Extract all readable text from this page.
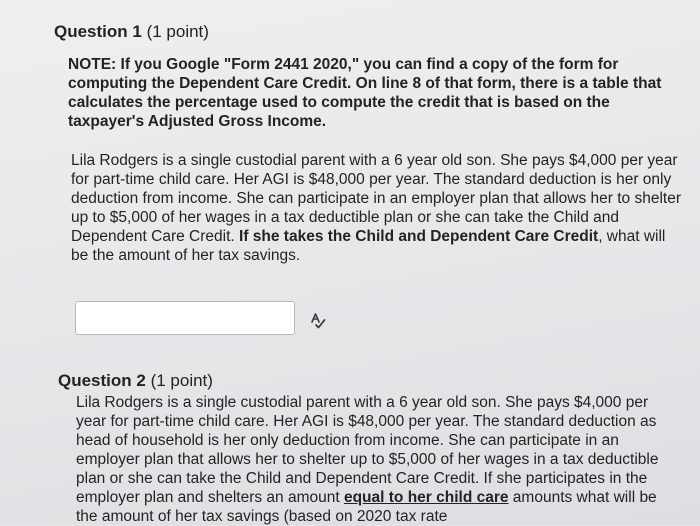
Question 1 (1 point)
NOTE: If you Google "Form 2441 2020," you can find a copy of the form for computing the Dependent Care Credit. On line 8 of that form, there is a table that calculates the percentage used to compute the credit that is based on the taxpayer's Adjusted Gross Income.
Lila Rodgers is a single custodial parent with a 6 year old son. She pays $4,000 per year for part-time child care. Her AGI is $48,000 per year. The standard deduction is her only deduction from income. She can participate in an employer plan that allows her to shelter up to $5,000 of her wages in a tax deductible plan or she can take the Child and Dependent Care Credit. If she takes the Child and Dependent Care Credit, what will be the amount of her tax savings.
Question 2 (1 point)
Lila Rodgers is a single custodial parent with a 6 year old son. She pays $4,000 per year for part-time child care. Her AGI is $48,000 per year. The standard deduction as head of household is her only deduction from income. She can participate in an employer plan that allows her to shelter up to $5,000 of her wages in a tax deductible plan or she can take the Child and Dependent Care Credit. If she participates in the employer plan and shelters an amount equal to her child care amounts what will be the amount of her tax savings (based on 2020 tax rate
